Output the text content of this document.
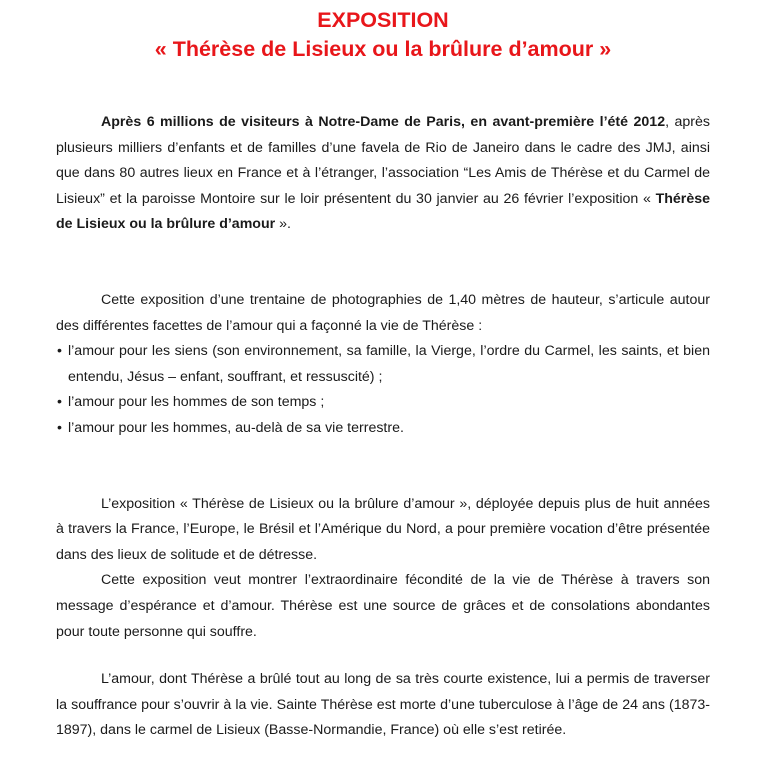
EXPOSITION
« Thérèse de Lisieux ou la brûlure d’amour »

Après 6 millions de visiteurs à Notre-Dame de Paris, en avant-première l’été 2012, après plusieurs milliers d’enfants et de familles d’une favela de Rio de Janeiro dans le cadre des JMJ, ainsi que dans 80 autres lieux en France et à l’étranger, l’association “Les Amis de Thérèse et du Carmel de Lisieux” et la paroisse Montoire sur le loir présentent du 30 janvier au 26 février l’exposition « Thérèse de Lisieux ou la brûlure d’amour ».

Cette exposition d’une trentaine de photographies de 1,40 mètres de hauteur, s’articule autour des différentes facettes de l’amour qui a façonné la vie de Thérèse :

• l’amour pour les siens (son environnement, sa famille, la Vierge, l’ordre du Carmel, les saints, et bien entendu, Jésus – enfant, souffrant, et ressuscité) ;
• l’amour pour les hommes de son temps ;
• l’amour pour les hommes, au-delà de sa vie terrestre.

L’exposition « Thérèse de Lisieux ou la brûlure d’amour », déployée depuis plus de huit années à travers la France, l’Europe, le Brésil et l’Amérique du Nord, a pour première vocation d’être présentée dans des lieux de solitude et de détresse.

Cette exposition veut montrer l’extraordinaire fécondité de la vie de Thérèse à travers son message d’espérance et d’amour. Thérèse est une source de grâces et de consolations abondantes pour toute personne qui souffre.

L’amour, dont Thérèse a brûlé tout au long de sa très courte existence, lui a permis de traverser la souffrance pour s’ouvrir à la vie. Sainte Thérèse est morte d’une tuberculose à l’âge de 24 ans (1873-1897), dans le carmel de Lisieux (Basse-Normandie, France) où elle s’est retirée.
